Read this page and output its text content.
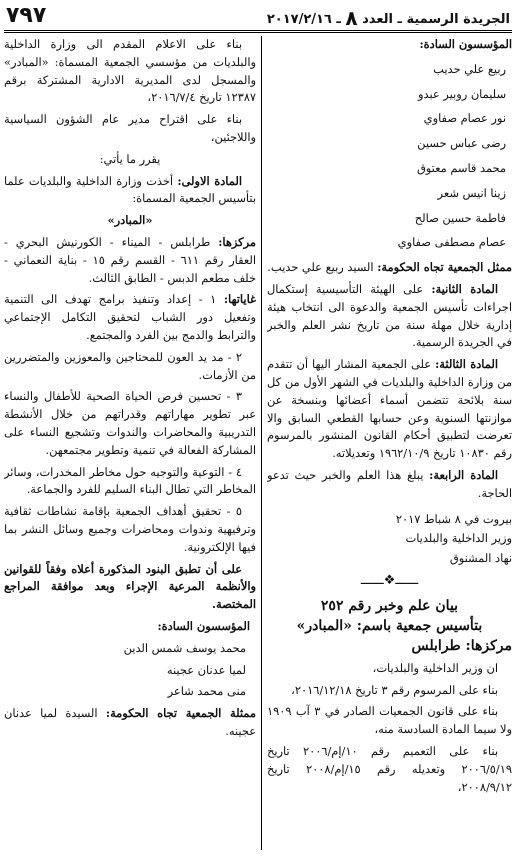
٧٩٧	الجريدة الرسمية ـ العدد ٨ ـ ٢٠١٧/٢/١٦

المؤسسون السادة:

ربيع علي حديب

سليمان روبير عبدو

نور عصام صفاوي

رضى عباس حسين

محمد قاسم معتوق

زينا انيس شعر

فاطمة حسين صالح

عصام مصطفى صفاوي

ممثل الجمعية تجاه الحكومة: السيد ربيع علي حديب.

المادة الثانية: على الهيئة التأسيسية إستكمال اجراءات تأسيس الجمعية والدعوة الى انتخاب هيئة إدارية خلال مهلة سنة من تاريخ نشر العلم والخبر في الجريدة الرسمية.

المادة الثالثة: على الجمعية المشار اليها أن تتقدم من وزارة الداخلية والبلديات في الشهر الأول من كل سنة بلائحة تتضمن أسماء أعضائها وبنسخة عن موازنتها السنوية وعن حسابها القطعي السابق والا تعرضت لتطبيق أحكام القانون المنشور بالمرسوم رقم ١٠٨٣٠ تاريخ ١٩٦٢/١٠/٩ وتعديلاته.

المادة الرابعة: يبلغ هذا العلم والخبر حيث تدعو الحاجة.

بيروت في ٨ شباط ٢٠١٧

وزير الداخلية والبلديات

نهاد المشنوق

ــــــ❖ــــــ

بيان علم وخبر رقم ٢٥٢

بتأسيس جمعية باسم: «المبادر»

مركزها: طرابلس

ان وزير الداخلية والبلديات،

بناء على المرسوم رقم ٣ تاريخ ٢٠١٦/١٢/١٨،

بناء على قانون الجمعيات الصادر في ٣ آب ١٩٠٩ ولا سيما المادة السادسة منه،

بناء على التعميم رقم ١٠/إم/٢٠٠٦ تاريخ ٢٠٠٦/٥/١٩ وتعديله رقم ١٥/إم/٢٠٠٨ تاريخ ٢٠٠٨/٩/١٢،

بناء على الاعلام المقدم الى وزارة الداخلية والبلديات من مؤسسي الجمعية المسماة: «المبادر» والمسجل لدى المديرية الادارية المشتركة برقم ١٢٣٨٧ تاريخ ٢٠١٦/٧/٤،

بناء على اقتراح مدير عام الشؤون السياسية واللاجئين،

يقرر ما يأتي:

المادة الاولى: أخذت وزارة الداخلية والبلديات علما بتأسيس الجمعية المسماة:

«المبادر»

مركزها: طرابلس - الميناء - الكورنيش البحري - العقار رقم ٦١١ - القسم رقم ١٥ - بناية النعماني - خلف مطعم الدبس - الطابق الثالث.

غاياتها: ١ - إعداد وتنفيذ برامج تهدف الى التنمية وتفعيل دور الشباب لتحقيق التكامل الإجتماعي والترابط والدمج بين الفرد والمجتمع.

٢ - مد يد العون للمحتاجين والمعوزين والمتضررين من الأزمات.

٣ - تحسين فرص الحياة الصحية للأطفال والنساء عبر تطوير مهاراتهم وقدراتهم من خلال الأنشطة التدريبية والمحاضرات والندوات وتشجيع النساء على المشاركة الفعالة في تنمية وتطوير مجتمعهن.

٤ - التوعية والتوجيه حول مخاطر المخدرات، وسائر المخاطر التي تطال البناء السليم للفرد والجماعة.

٥ - تحقيق أهداف الجمعية بإقامة نشاطات ثقافية وترفيهية وندوات ومحاضرات وجميع وسائل النشر بما فيها الإلكترونية.

على أن تطبق البنود المذكورة أعلاه وفقاً للقوانين والأنظمة المرعية الإجراء وبعد موافقة المراجع المختصة.

المؤسسون السادة:

محمد يوسف شمس الدين

لميا عدنان عجينه

منى محمد شاعر

ممثلة الجمعية تجاه الحكومة: السيدة لميا عدنان عجينه.
